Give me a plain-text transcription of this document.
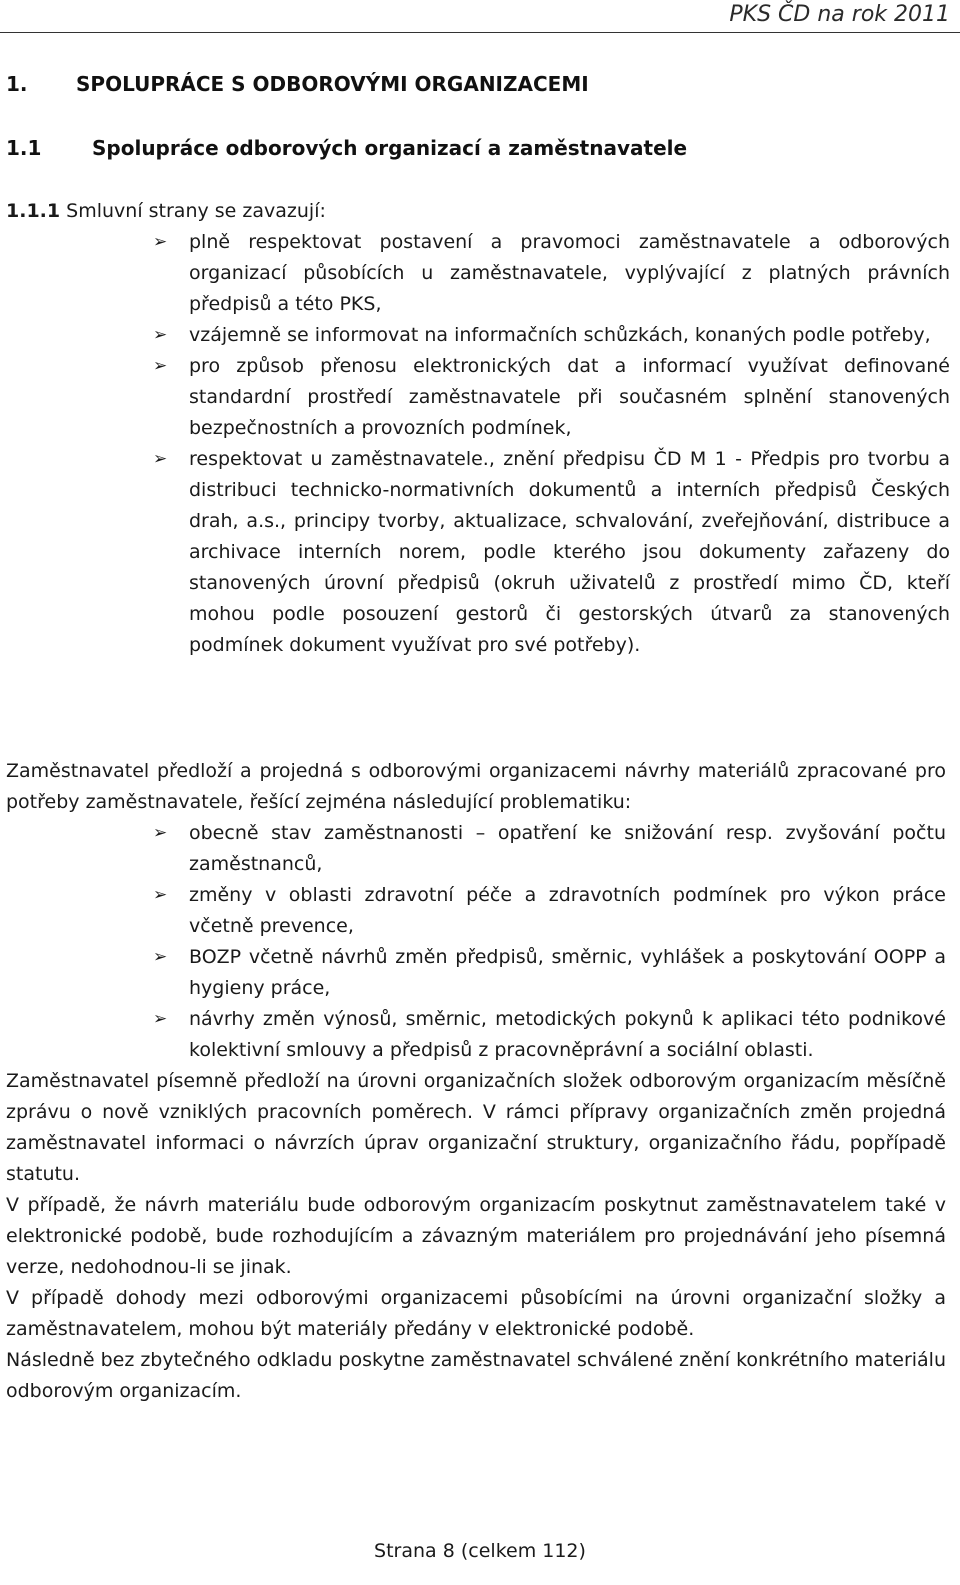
PKS ČD na rok 2011
1. SPOLUPRÁCE S ODBOROVÝMI ORGANIZACEMI
1.1	Spolupráce odborových organizací a zaměstnavatele
1.1.1 Smluvní strany se zavazují:
➢ plně respektovat postavení a pravomoci zaměstnavatele a odborových organizací působících u zaměstnavatele, vyplývající z platných právních předpisů a této PKS,
➢ vzájemně se informovat na informačních schůzkách, konaných podle potřeby,
➢ pro způsob přenosu elektronických dat a informací využívat definované standardní prostředí zaměstnavatele při současném splnění stanovených bezpečnostních a provozních podmínek,
➢ respektovat u zaměstnavatele., znění předpisu ČD M 1 - Předpis pro tvorbu a distribuci technicko-normativních dokumentů a interních předpisů Českých drah, a.s., principy tvorby, aktualizace, schvalování, zveřejňování, distribuce a archivace interních norem, podle kterého jsou dokumenty zařazeny do stanovených úrovní předpisů (okruh uživatelů z prostředí mimo ČD, kteří mohou podle posouzení gestorů či gestorských útvarů za stanovených podmínek dokument využívat pro své potřeby).

Zaměstnavatel předloží a projedná s odborovými organizacemi návrhy materiálů zpracované pro potřeby zaměstnavatele, řešící zejména následující problematiku:

➢ obecně stav zaměstnanosti – opatření ke snižování resp. zvyšování počtu zaměstnanců,
➢ změny v oblasti zdravotní péče a zdravotních podmínek pro výkon práce včetně prevence,
➢ BOZP včetně návrhů změn předpisů, směrnic, vyhlášek a poskytování OOPP a hygieny práce,
➢ návrhy změn výnosů, směrnic, metodických pokynů k aplikaci této podnikové kolektivní smlouvy a předpisů z pracovněprávní a sociální oblasti.

Zaměstnavatel písemně předloží na úrovni organizačních složek odborovým organizacím měsíčně zprávu o nově vzniklých pracovních poměrech. V rámci přípravy organizačních změn projedná zaměstnavatel informaci o návrzích úprav organizační struktury, organizačního řádu, popřípadě statutu.

V případě, že návrh materiálu bude odborovým organizacím poskytnut zaměstnavatelem také v elektronické podobě, bude rozhodujícím a závazným materiálem pro projednávání jeho písemná verze, nedohodnou-li se jinak.

V případě dohody mezi odborovými organizacemi působícími na úrovni organizační složky a zaměstnavatelem, mohou být materiály předány v elektronické podobě.

Následně bez zbytečného odkladu poskytne zaměstnavatel schválené znění konkrétního materiálu odborovým organizacím.

Strana 8 (celkem 112)
